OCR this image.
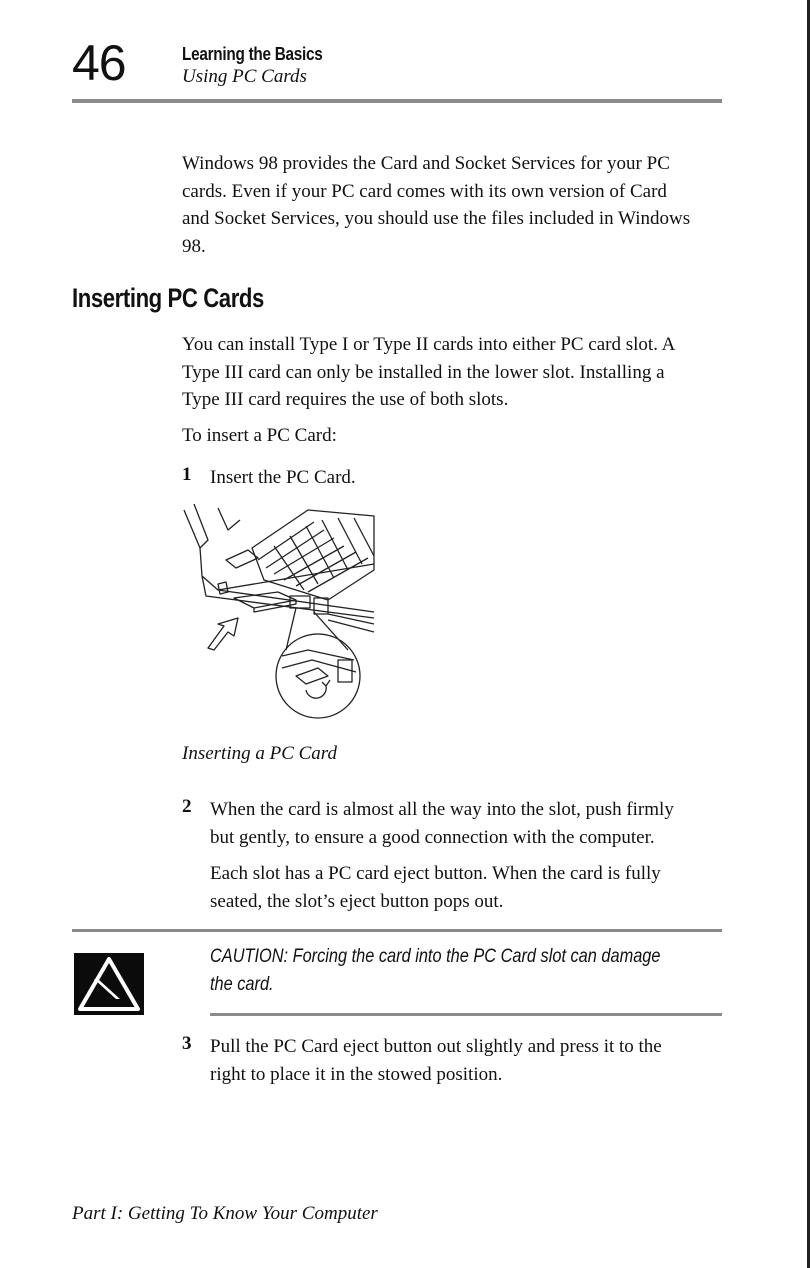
46	Learning the Basics
Using PC Cards
Windows 98 provides the Card and Socket Services for your PC
cards. Even if your PC card comes with its own version of Card
and Socket Services, you should use the files included in Windows
98.
Inserting PC Cards
You can install Type I or Type II cards into either PC card slot. A
Type III card can only be installed in the lower slot. Installing a
Type III card requires the use of both slots.
To insert a PC Card:
1 Insert the PC Card.
Inserting a PC Card
2 When the card is almost all the way into the slot, push firmly
but gently, to ensure a good connection with the computer.
Each slot has a PC card eject button. When the card is fully
seated, the slot’s eject button pops out.
CAUTION: Forcing the card into the PC Card slot can damage
the card.
3 Pull the PC Card eject button out slightly and press it to the
right to place it in the stowed position.
Part I: Getting To Know Your Computer
